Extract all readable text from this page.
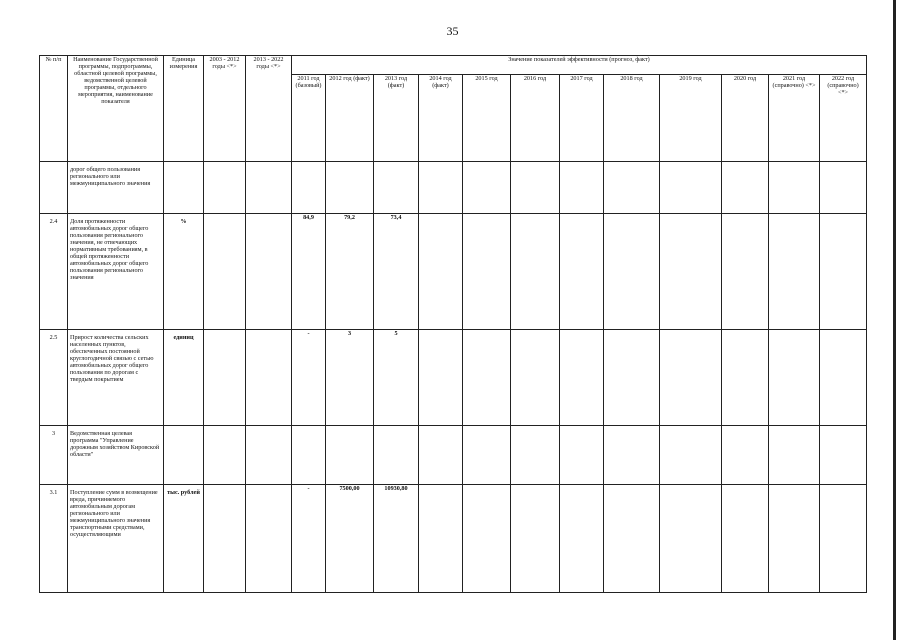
35
№ п/п	Наименование Государственной программы, подпрограммы, областной целевой программы, ведомственной целевой программы, отдельного мероприятия, наименование показателя	Единица измерения	2003 - 2012 годы <*>	2013 - 2022 годы <*>	Значение показателей эффективности (прогноз, факт)											
					2011 год (базовый)	2012 год (факт)	2013 год (факт)	2014 год (факт)	2015 год	2016 год	2017 год	2018 год	2019 год	2020 год	2021 год (справочно) <*>	2022 год (справочно) <*>
	дорог общего пользования регионального или межмуниципального значения															
2.4	Доля протяженности автомобильных дорог общего пользования регионального значения, не отвечающих нормативным требованиям, в общей протяженности автомобильных дорог общего пользования регионального значения	%			84,9	79,2	73,4									
2.5	Прирост количества сельских населенных пунктов, обеспеченных постоянной круглогодичной связью с сетью автомобильных дорог общего пользования по дорогам с твердым покрытием	единиц			-	3	5									
3	Ведомственная целевая программа "Управление дорожным хозяйством Кировской области"															
3.1	Поступление сумм в возмещение вреда, причиняемого автомобильным дорогам регионального или межмуниципального значения транспортными средствами, осуществляющими	тыс. рублей			-	7500,00	10930,80									
